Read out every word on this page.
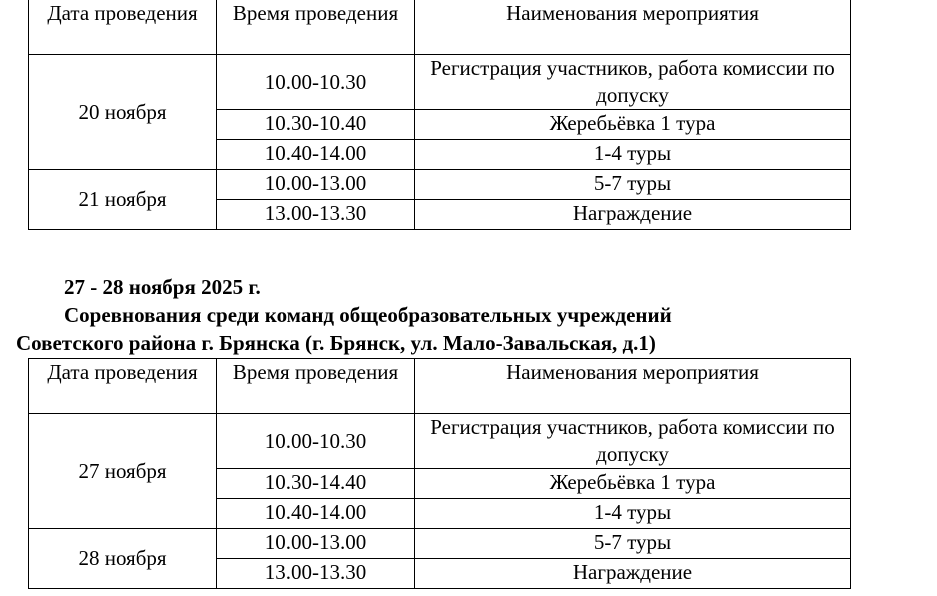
Дата проведения	Время проведения	Наименования мероприятия
20 ноября	10.00-10.30	Регистрация участников, работа комиссии по допуску
	10.30-10.40	Жеребьёвка 1 тура
	10.40-14.00	1-4 туры
21 ноября	10.00-13.00	5-7 туры
	13.00-13.30	Награждение
27 - 28 ноября 2025 г.
Соревнования среди команд общеобразовательных учреждений
Советского района г. Брянска (г. Брянск, ул. Мало-Завальская, д.1)
Дата проведения	Время проведения	Наименования мероприятия
27 ноября	10.00-10.30	Регистрация участников, работа комиссии по допуску
	10.30-14.40	Жеребьёвка 1 тура
	10.40-14.00	1-4 туры
28 ноября	10.00-13.00	5-7 туры
	13.00-13.30	Награждение
